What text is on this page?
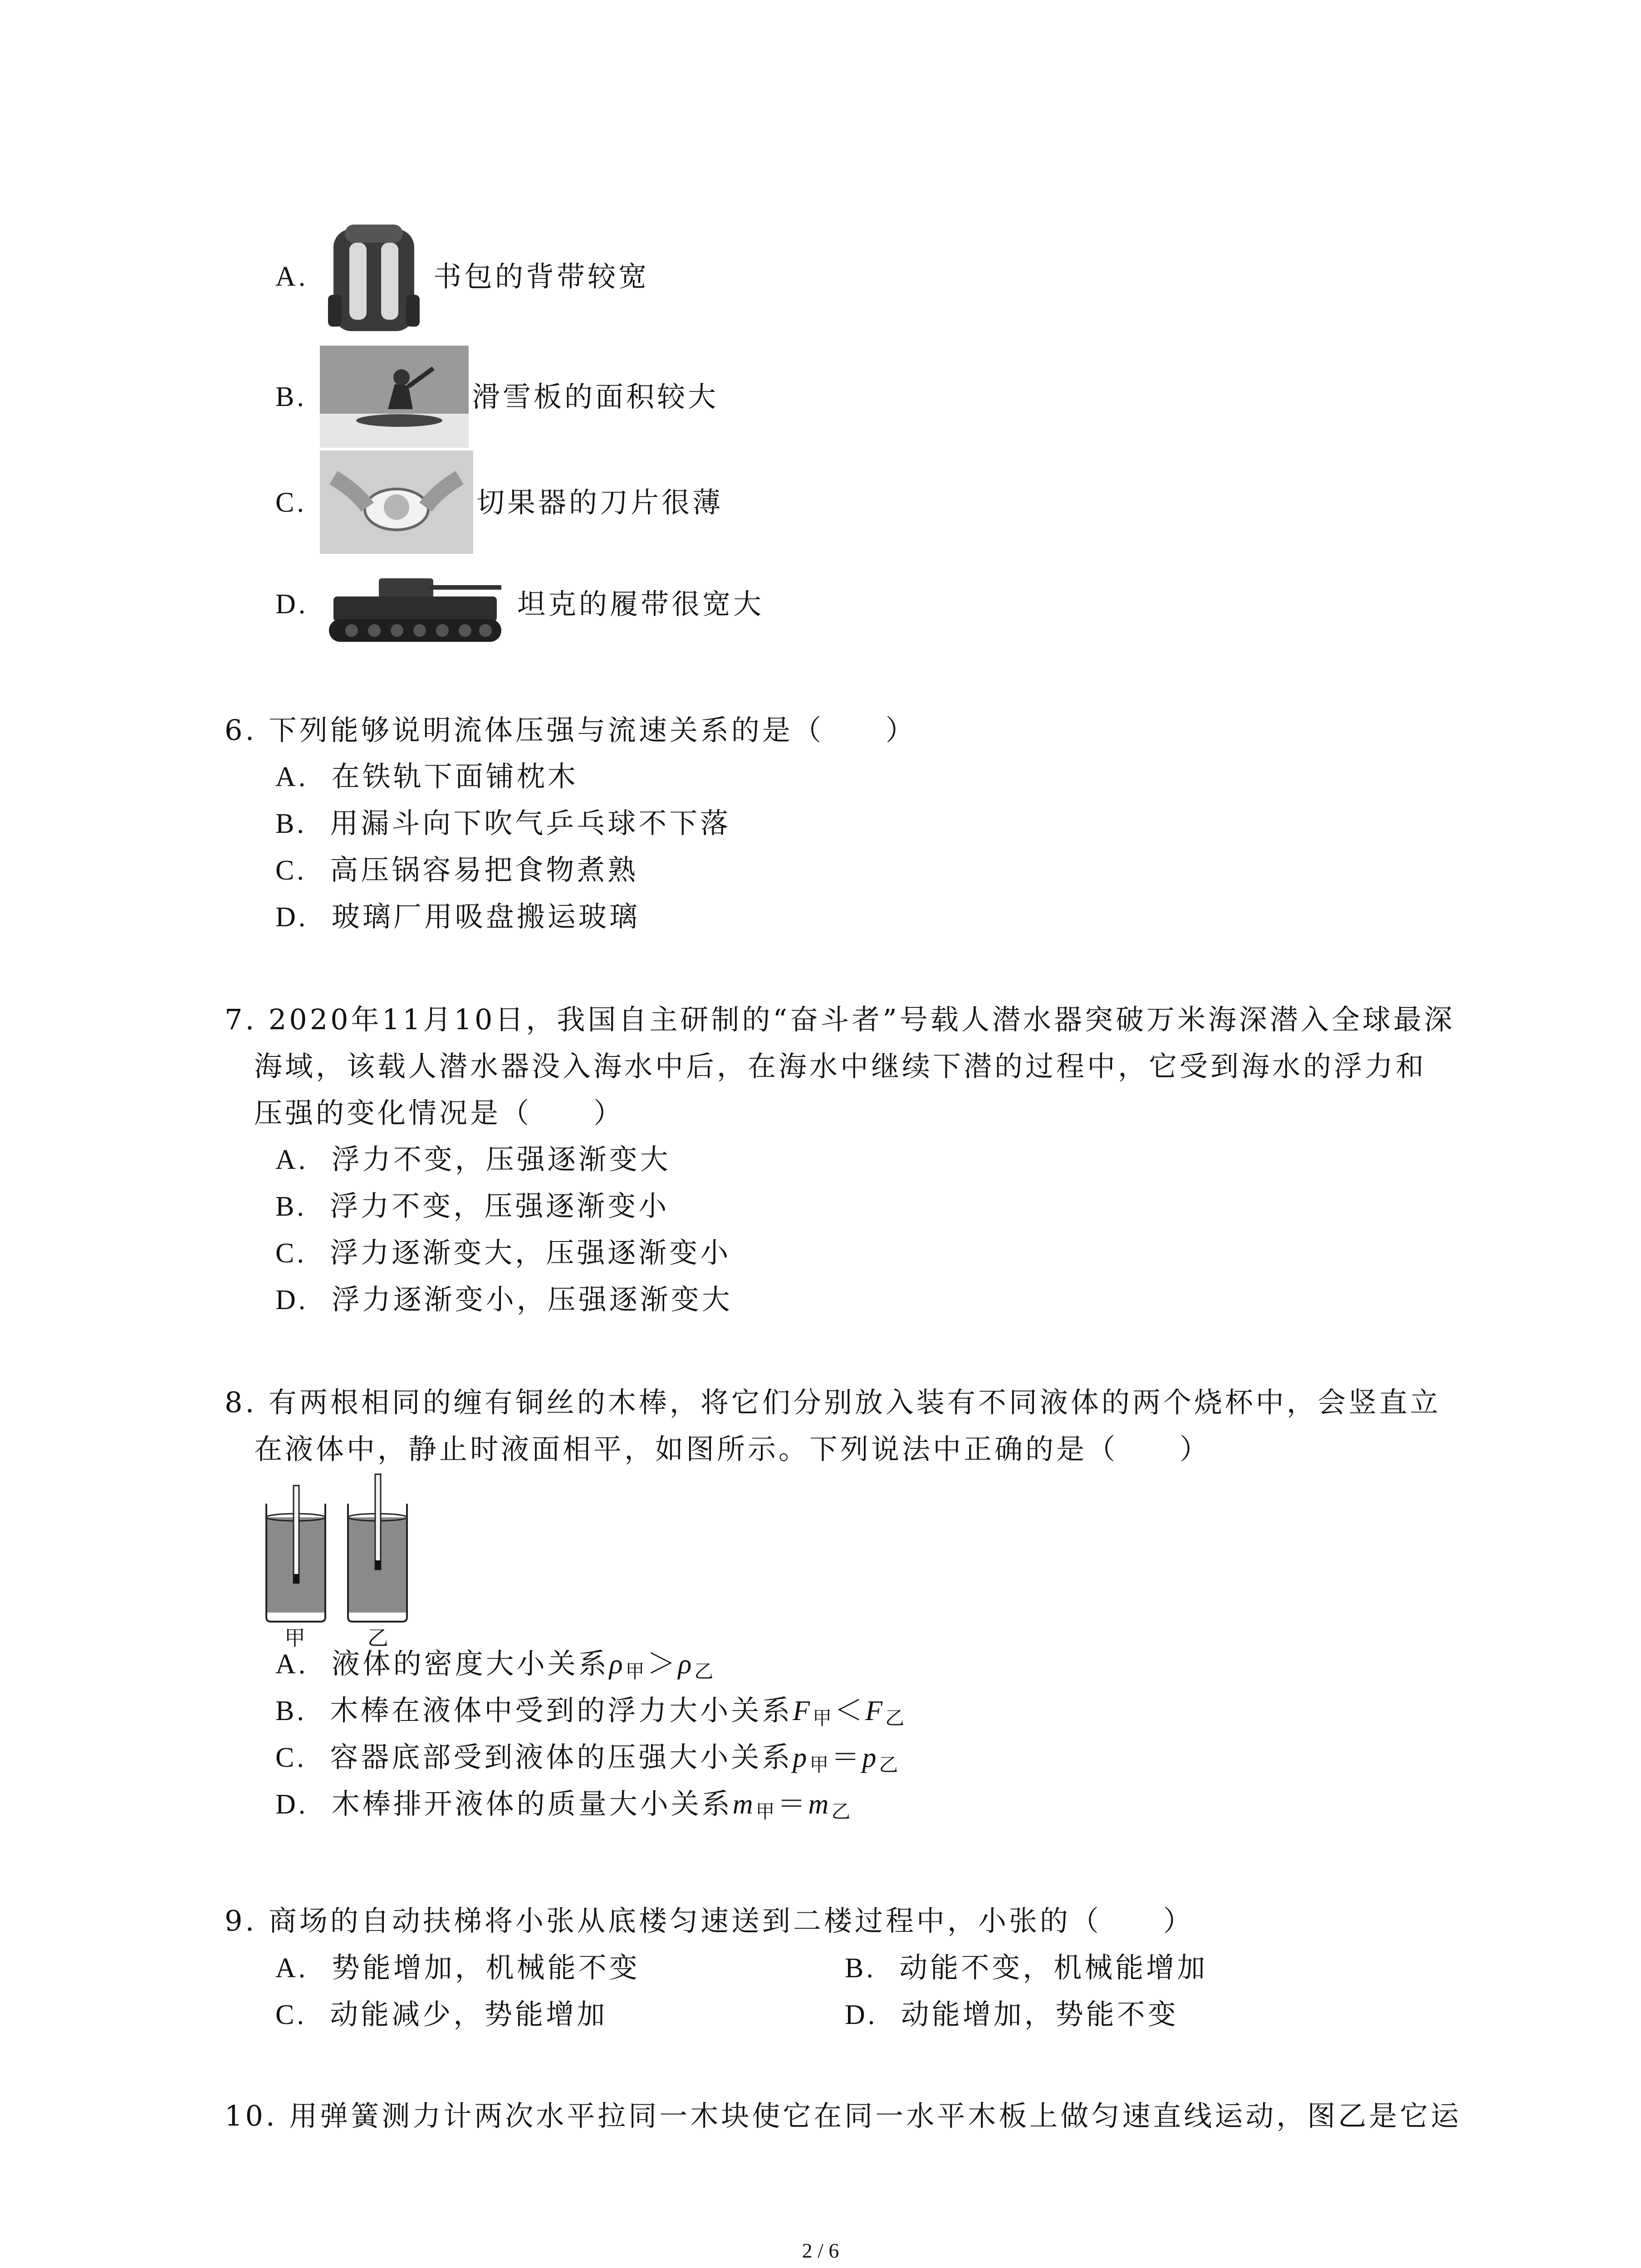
A.	书包的背带较宽
B.	滑雪板的面积较大
C.	切果器的刀片很薄
D.	坦克的履带很宽大
6. 下列能够说明流体压强与流速关系的是（　　）
A. 在铁轨下面铺枕木
B. 用漏斗向下吹气乒乓球不下落
C. 高压锅容易把食物煮熟
D. 玻璃厂用吸盘搬运玻璃
7. 2020年11月10日，我国自主研制的“奋斗者”号载人潜水器突破万米海深潜入全球最深
海域，该载人潜水器没入海水中后，在海水中继续下潜的过程中，它受到海水的浮力和
压强的变化情况是（　　）
A. 浮力不变，压强逐渐变大
B. 浮力不变，压强逐渐变小
C. 浮力逐渐变大，压强逐渐变小
D. 浮力逐渐变小，压强逐渐变大
8. 有两根相同的缠有铜丝的木棒，将它们分别放入装有不同液体的两个烧杯中，会竖直立
在液体中，静止时液面相平，如图所示。下列说法中正确的是（　　）
甲	乙
A. 液体的密度大小关系ρ甲＞ρ乙
B. 木棒在液体中受到的浮力大小关系F甲＜F乙
C. 容器底部受到液体的压强大小关系p甲＝p乙
D. 木棒排开液体的质量大小关系m甲＝m乙
9. 商场的自动扶梯将小张从底楼匀速送到二楼过程中，小张的（　　）
A. 势能增加，机械能不变	B. 动能不变，机械能增加
C. 动能减少，势能增加	D. 动能增加，势能不变
10. 用弹簧测力计两次水平拉同一木块使它在同一水平木板上做匀速直线运动，图乙是它运
2 / 6
